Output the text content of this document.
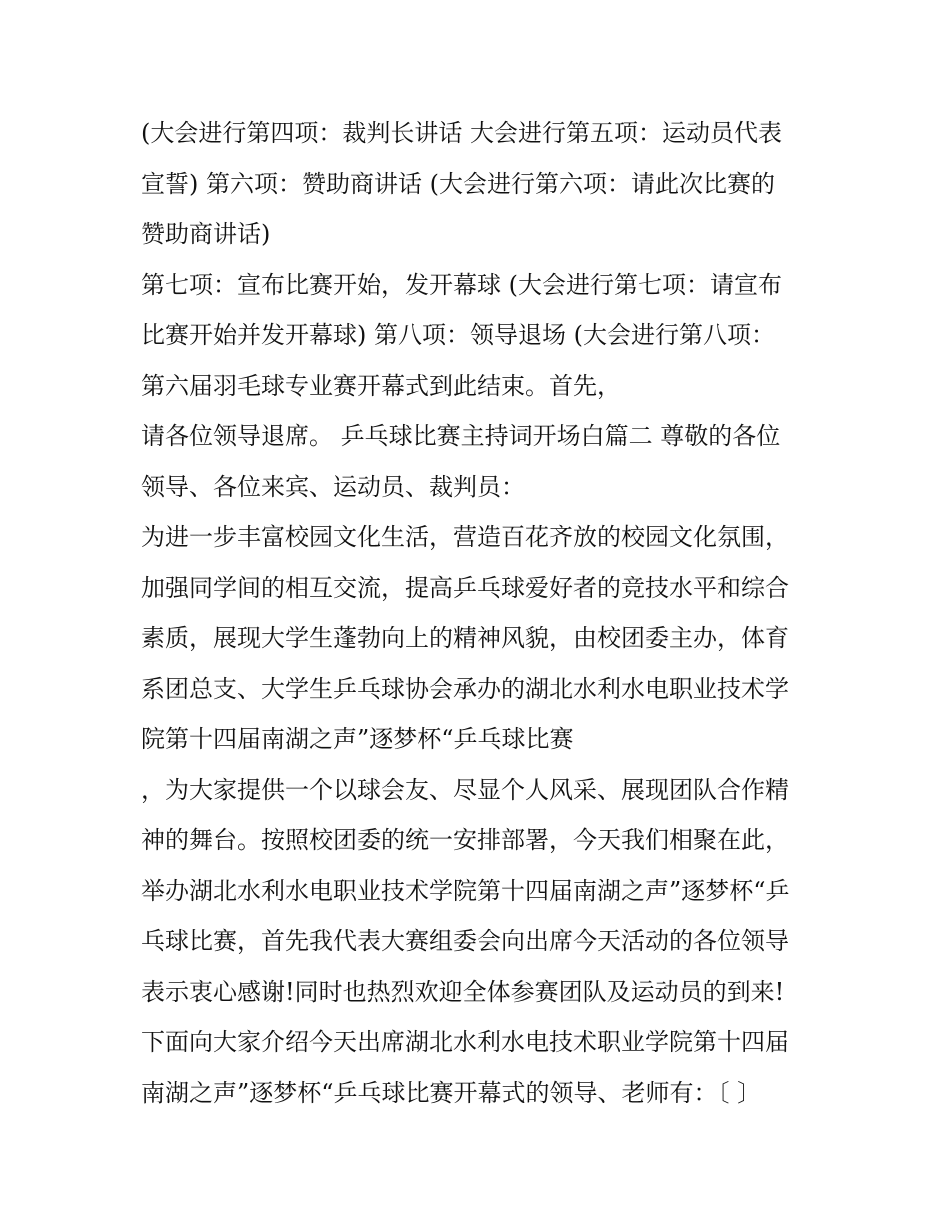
(大会进行第四项：裁判长讲话 大会进行第五项：运动员代表
宣誓) 第六项：赞助商讲话 (大会进行第六项：请此次比赛的
赞助商讲话)
第七项：宣布比赛开始，发开幕球 (大会进行第七项：请宣布
比赛开始并发开幕球) 第八项：领导退场 (大会进行第八项：
第六届羽毛球专业赛开幕式到此结束。首先，
请各位领导退席。 乒乓球比赛主持词开场白篇二 尊敬的各位
领导、各位来宾、运动员、裁判员：
为进一步丰富校园文化生活，营造百花齐放的校园文化氛围，
加强同学间的相互交流，提高乒乓球爱好者的竞技水平和综合
素质，展现大学生蓬勃向上的精神风貌，由校团委主办，体育
系团总支、大学生乒乓球协会承办的湖北水利水电职业技术学
院第十四届南湖之声”逐梦杯“乒乓球比赛
，为大家提供一个以球会友、尽显个人风采、展现团队合作精
神的舞台。按照校团委的统一安排部署，今天我们相聚在此，
举办湖北水利水电职业技术学院第十四届南湖之声”逐梦杯“乒
乓球比赛，首先我代表大赛组委会向出席今天活动的各位领导
表示衷心感谢!同时也热烈欢迎全体参赛团队及运动员的到来!
下面向大家介绍今天出席湖北水利水电技术职业学院第十四届
南湖之声”逐梦杯“乒乓球比赛开幕式的领导、老师有：〔 〕
